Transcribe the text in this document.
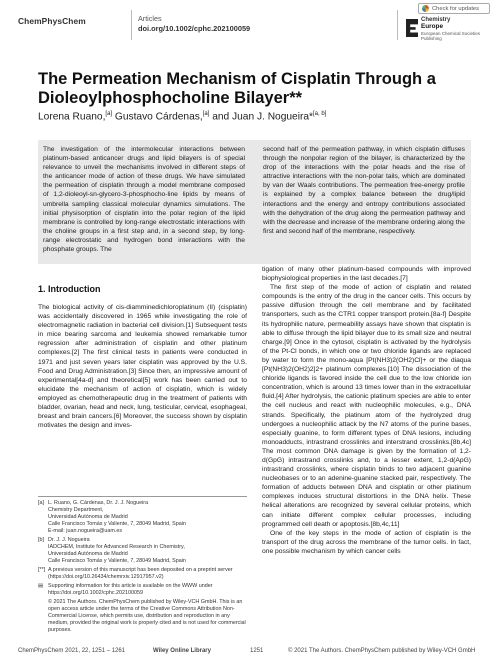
ChemPhysChem	Articles
doi.org/10.1002/cphc.202100059
Check for updates
Chemistry
Europe
European Chemical Societies Publishing
The Permeation Mechanism of Cisplatin Through a Dioleoylphosphocholine Bilayer**
Lorena Ruano,[a] Gustavo Cárdenas,[a] and Juan J. Nogueira*[a, b]
The investigation of the intermolecular interactions between platinum-based anticancer drugs and lipid bilayers is of special relevance to unveil the mechanisms involved in different steps of the anticancer mode of action of these drugs. We have simulated the permeation of cisplatin through a model membrane composed of 1,2-dioleoyl-sn-glycero-3-phosphocho-line lipids by means of umbrella sampling classical molecular dynamics simulations. The initial physisorption of cisplatin into the polar region of the lipid membrane is controlled by long-range electrostatic interactions with the choline groups in a first step and, in a second step, by long-range electrostatic and hydrogen bond interactions with the phosphate groups. The
second half of the permeation pathway, in which cisplatin diffuses through the nonpolar region of the bilayer, is characterized by the drop of the interactions with the polar heads and the rise of attractive interactions with the non-polar tails, which are dominated by van der Waals contributions. The permeation free-energy profile is explained by a complex balance between the drug/lipid interactions and the energy and entropy contributions associated with the dehydration of the drug along the permeation pathway and with the decrease and increase of the membrane ordering along the first and second half of the membrane, respectively.
1. Introduction

The biological activity of cis-diamminedichloroplatinum (II) (cisplatin) was accidentally discovered in 1965 while investigating the role of electromagnetic radiation in bacterial cell division.[1] Subsequent tests in mice bearing sarcoma and leukemia showed remarkable tumor regression after administration of cisplatin and other platinum complexes.[2] The first clinical tests in patients were conducted in 1971 and just seven years later cisplatin was approved by the U.S. Food and Drug Administration.[3] Since then, an impressive amount of experimental[4a-d] and theoretical[5] work has been carried out to elucidate the mechanism of action of cisplatin, which is widely employed as chemotherapeutic drug in the treatment of patients with bladder, ovarian, head and neck, lung, testicular, cervical, esophageal, breast and brain cancers.[6] Moreover, the success shown by cisplatin motivates the design and inves-

tigation of many other platinum-based compounds with improved biophysiological properties in the last decades.[7]

The first step of the mode of action of cisplatin and related compounds is the entry of the drug in the cancer cells. This occurs by passive diffusion through the cell membrane and by facilitated transporters, such as the CTR1 copper transport protein.[8a-f] Despite its hydrophilic nature, permeability assays have shown that cisplatin is able to diffuse through the lipid bilayer due to its small size and neutral charge.[9] Once in the cytosol, cisplatin is activated by the hydrolysis of the Pt-Cl bonds, in which one or two chloride ligands are replaced by water to form the mono-aqua [Pt(NH3)2(OH2)Cl]+ or the diaqua [Pt(NH3)2(OH2)2]2+ platinum complexes.[10] The dissociation of the chloride ligands is favored inside the cell due to the low chloride ion concentration, which is around 13 times lower than in the extracellular fluid.[4] After hydrolysis, the cationic platinum species are able to enter the cell nucleus and react with nucleophilic molecules, e.g., DNA strands. Specifically, the platinum atom of the hydrolyzed drug undergoes a nucleophilic attack by the N7 atoms of the purine bases, especially guanine, to form different types of DNA lesions, including monoadducts, intrastrand crosslinks and interstrand crosslinks.[8b,4c] The most common DNA damage is given by the formation of 1,2-d(GpG) intrastrand crosslinks and, to a lesser extent, 1,2-d(ApG) intrastrand crosslinks, where cisplatin binds to two adjacent guanine nucleobases or to an adenine-guanine stacked pair, respectively. The formation of adducts between DNA and cisplatin or other platinum complexes induces structural distortions in the DNA helix. These helical alterations are recognized by several cellular proteins, which can initiate different complex cellular processes, including programmed cell death or apoptosis.[8b,4c,11]

One of the key steps in the mode of action of cisplatin is the transport of the drug across the membrane of the tumor cells. In fact, one possible mechanism by which cancer cells

[a] L. Ruano, G. Cárdenas, Dr. J. J. Nogueira
Chemistry Department,
Universidad Autónoma de Madrid
Calle Francisco Tomás y Valiente, 7, 28049 Madrid, Spain
E-mail: juan.nogueira@uam.es
[b] Dr. J. J. Nogueira
IADCHEM, Institute for Advanced Research in Chemistry,
Universidad Autónoma de Madrid
Calle Francisco Tomás y Valiente, 7, 28049 Madrid, Spain
[**] A previous version of this manuscript has been deposited on a preprint server (https://doi.org/10.26434/chemrxiv.12917957.v2)
▤ Supporting information for this article is available on the WWW under https://doi.org/10.1002/cphc.202100059
© 2021 The Authors. ChemPhysChem published by Wiley-VCH GmbH. This is an open access article under the terms of the Creative Commons Attribution Non-Commercial License, which permits use, distribution and reproduction in any medium, provided the original work is properly cited and is not used for commercial purposes.
ChemPhysChem 2021, 22, 1251 – 1261	Wiley Online Library	1251	© 2021 The Authors. ChemPhysChem published by Wiley-VCH GmbH
